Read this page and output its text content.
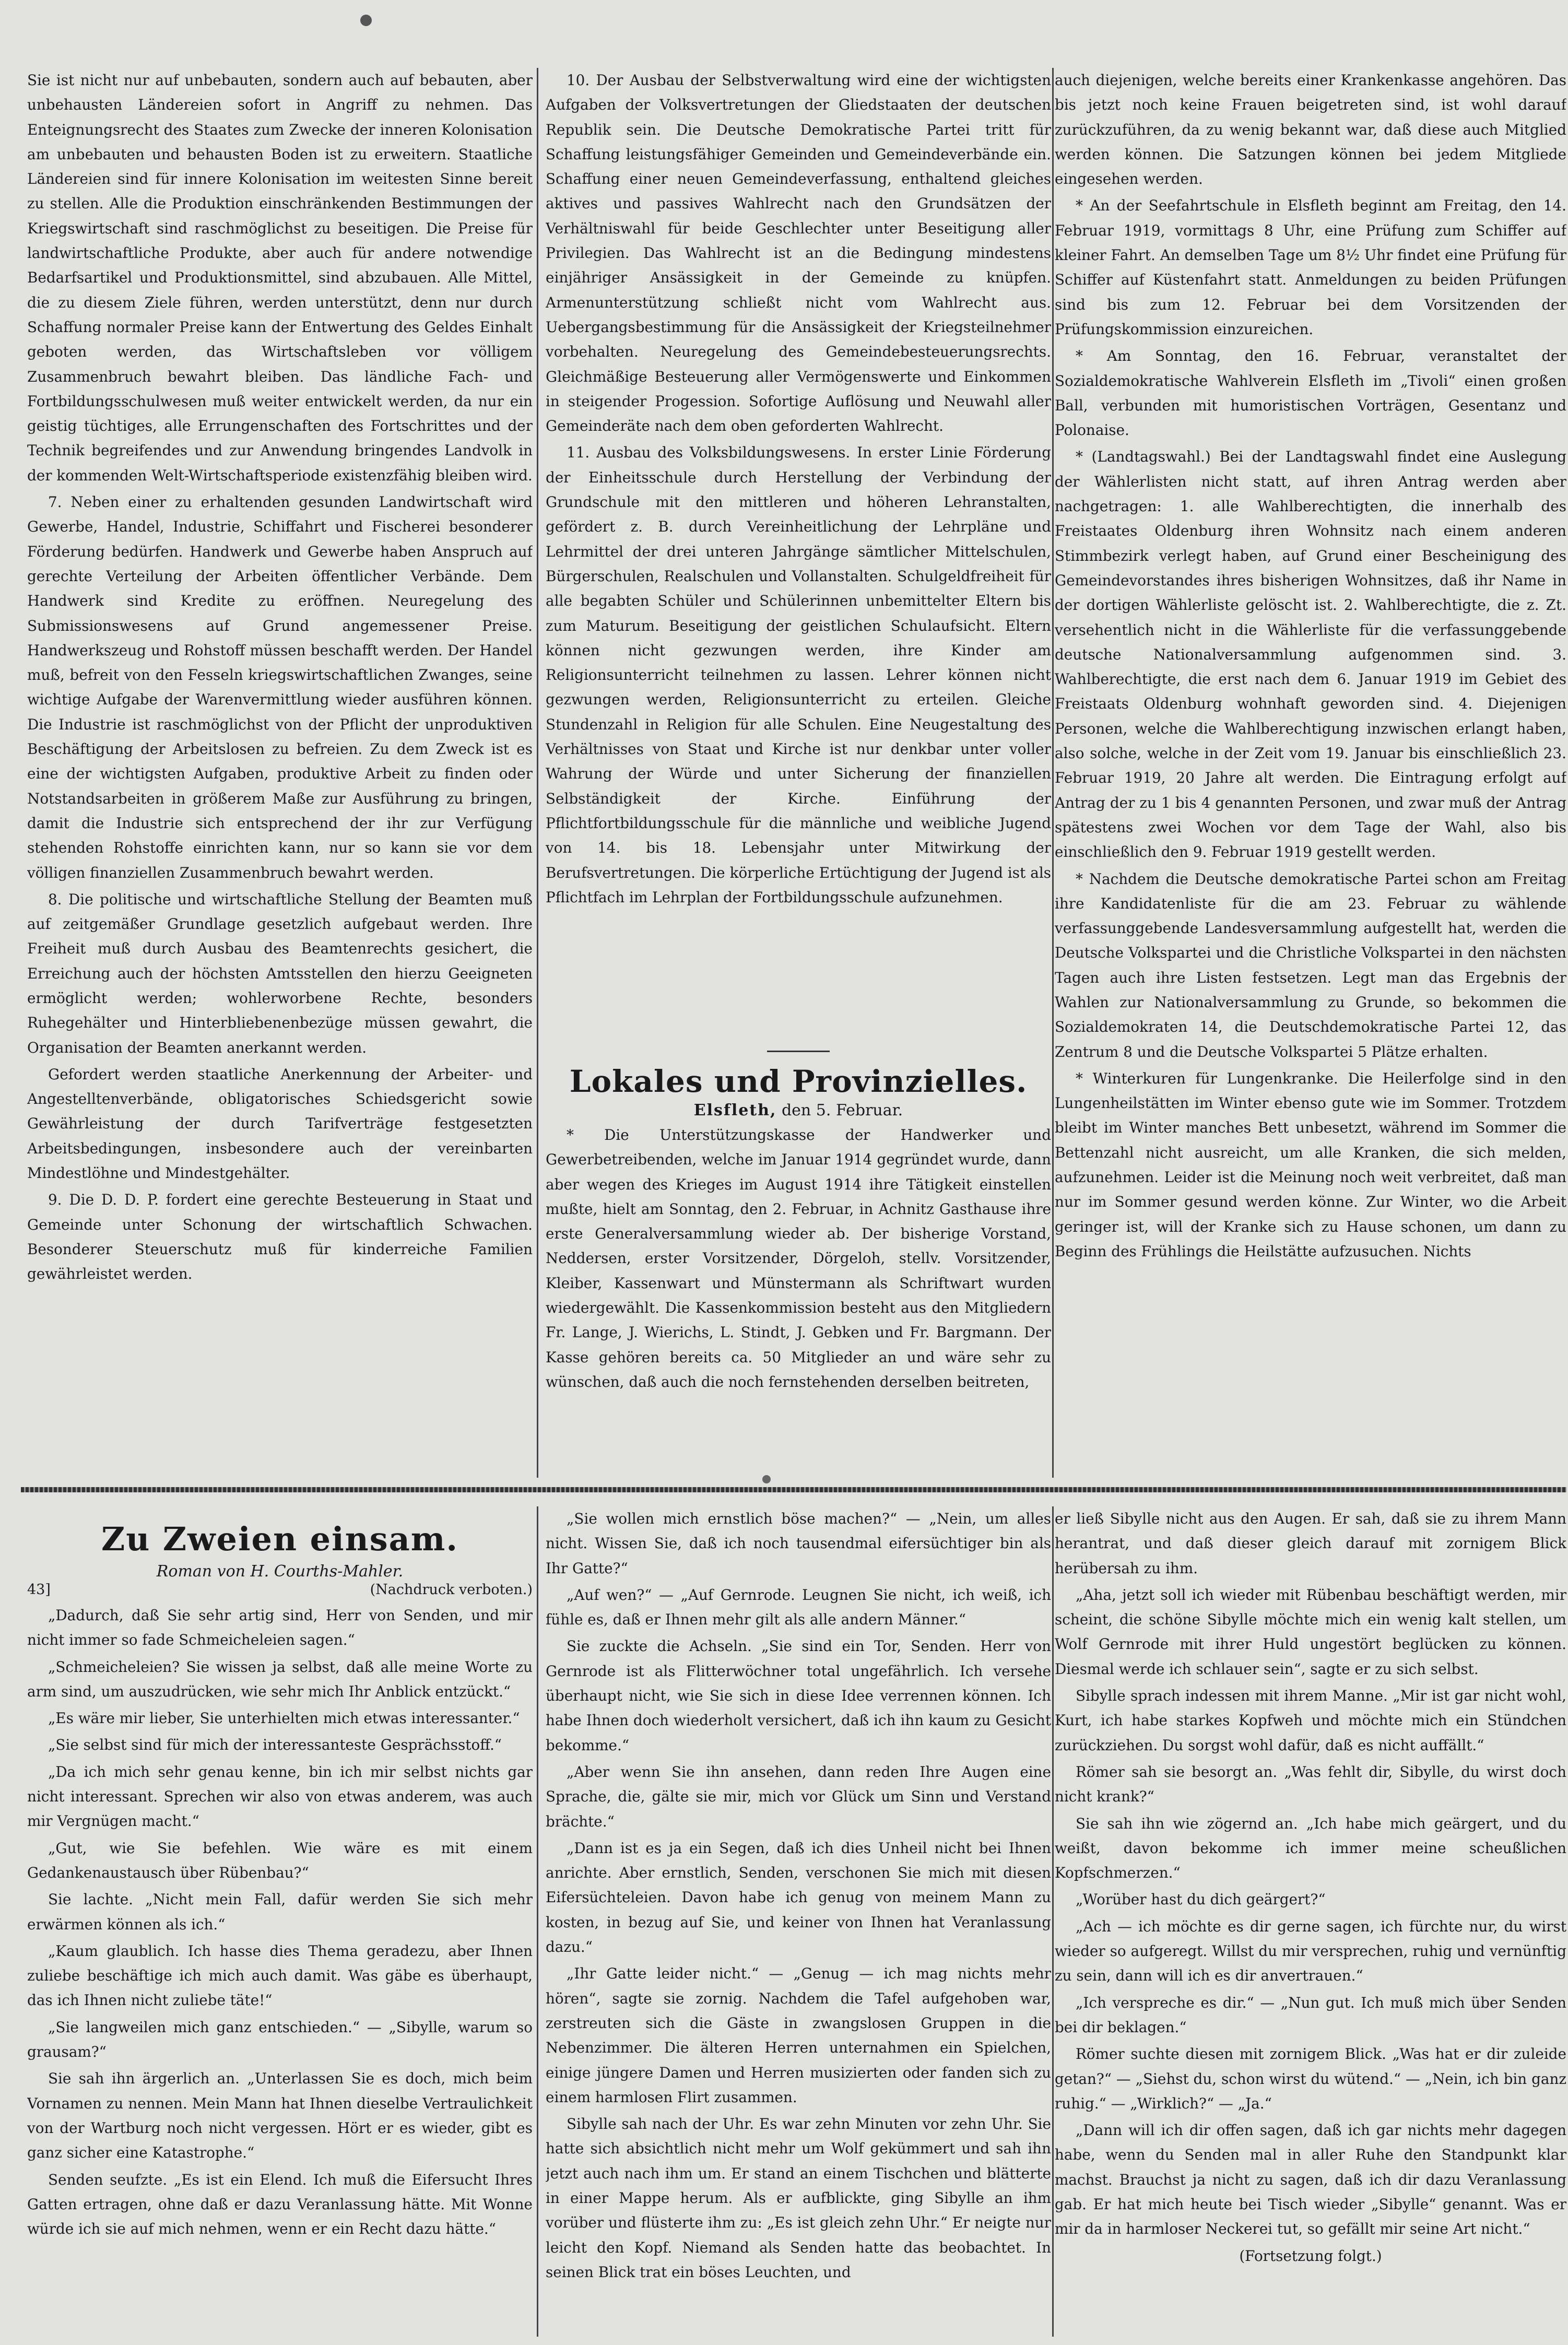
Sie ist nicht nur auf unbebauten, sondern auch auf bebauten, aber unbehausten Ländereien sofort in Angriff zu nehmen. Das Enteignungsrecht des Staates zum Zwecke der inneren Kolonisation am unbebauten und behausten Boden ist zu erweitern. Staatliche Ländereien sind für innere Kolonisation im weitesten Sinne bereit zu stellen. Alle die Produktion einschränkenden Bestimmungen der Kriegswirtschaft sind raschmöglichst zu beseitigen. Die Preise für landwirtschaftliche Produkte, aber auch für andere notwendige Bedarfsartikel und Produktionsmittel, sind abzubauen. Alle Mittel, die zu diesem Ziele führen, werden unterstützt, denn nur durch Schaffung normaler Preise kann der Entwertung des Geldes Einhalt geboten werden, das Wirtschaftsleben vor völligem Zusammenbruch bewahrt bleiben. Das ländliche Fach- und Fortbildungsschulwesen muß weiter entwickelt werden, da nur ein geistig tüchtiges, alle Errungenschaften des Fortschrittes und der Technik begreifendes und zur Anwendung bringendes Landvolk in der kommenden Welt-Wirtschaftsperiode existenzfähig bleiben wird.

7. Neben einer zu erhaltenden gesunden Landwirtschaft wird Gewerbe, Handel, Industrie, Schiffahrt und Fischerei besonderer Förderung bedürfen. Handwerk und Gewerbe haben Anspruch auf gerechte Verteilung der Arbeiten öffentlicher Verbände. Dem Handwerk sind Kredite zu eröffnen. Neuregelung des Submissionswesens auf Grund angemessener Preise. Handwerkszeug und Rohstoff müssen beschafft werden. Der Handel muß, befreit von den Fesseln kriegswirtschaftlichen Zwanges, seine wichtige Aufgabe der Warenvermittlung wieder ausführen können. Die Industrie ist raschmöglichst von der Pflicht der unproduktiven Beschäftigung der Arbeitslosen zu befreien. Zu dem Zweck ist es eine der wichtigsten Aufgaben, produktive Arbeit zu finden oder Notstandsarbeiten in größerem Maße zur Ausführung zu bringen, damit die Industrie sich entsprechend der ihr zur Verfügung stehenden Rohstoffe einrichten kann, nur so kann sie vor dem völligen finanziellen Zusammenbruch bewahrt werden.

8. Die politische und wirtschaftliche Stellung der Beamten muß auf zeitgemäßer Grundlage gesetzlich aufgebaut werden. Ihre Freiheit muß durch Ausbau des Beamtenrechts gesichert, die Erreichung auch der höchsten Amtsstellen den hierzu Geeigneten ermöglicht werden; wohlerworbene Rechte, besonders Ruhegehälter und Hinterbliebenenbezüge müssen gewahrt, die Organisation der Beamten anerkannt werden.

Gefordert werden staatliche Anerkennung der Arbeiter- und Angestelltenverbände, obligatorisches Schiedsgericht sowie Gewährleistung der durch Tarifverträge festgesetzten Arbeitsbedingungen, insbesondere auch der vereinbarten Mindestlöhne und Mindestgehälter.

9. Die D. D. P. fordert eine gerechte Besteuerung in Staat und Gemeinde unter Schonung der wirtschaftlich Schwachen. Besonderer Steuerschutz muß für kinderreiche Familien gewährleistet werden.

10. Der Ausbau der Selbstverwaltung wird eine der wichtigsten Aufgaben der Volksvertretungen der Gliedstaaten der deutschen Republik sein. Die Deutsche Demokratische Partei tritt für Schaffung leistungsfähiger Gemeinden und Gemeindeverbände ein. Schaffung einer neuen Gemeindeverfassung, enthaltend gleiches aktives und passives Wahlrecht nach den Grundsätzen der Verhältniswahl für beide Geschlechter unter Beseitigung aller Privilegien. Das Wahlrecht ist an die Bedingung mindestens einjähriger Ansässigkeit in der Gemeinde zu knüpfen. Armenunterstützung schließt nicht vom Wahlrecht aus. Uebergangsbestimmung für die Ansässigkeit der Kriegsteilnehmer vorbehalten. Neuregelung des Gemeindebesteuerungsrechts. Gleichmäßige Besteuerung aller Vermögenswerte und Einkommen in steigender Progession. Sofortige Auflösung und Neuwahl aller Gemeinderäte nach dem oben geforderten Wahlrecht.

11. Ausbau des Volksbildungswesens. In erster Linie Förderung der Einheitsschule durch Herstellung der Verbindung der Grundschule mit den mittleren und höheren Lehranstalten, gefördert z. B. durch Vereinheitlichung der Lehrpläne und Lehrmittel der drei unteren Jahrgänge sämtlicher Mittelschulen, Bürgerschulen, Realschulen und Vollanstalten. Schulgeldfreiheit für alle begabten Schüler und Schülerinnen unbemittelter Eltern bis zum Maturum. Beseitigung der geistlichen Schulaufsicht. Eltern können nicht gezwungen werden, ihre Kinder am Religionsunterricht teilnehmen zu lassen. Lehrer können nicht gezwungen werden, Religionsunterricht zu erteilen. Gleiche Stundenzahl in Religion für alle Schulen. Eine Neugestaltung des Verhältnisses von Staat und Kirche ist nur denkbar unter voller Wahrung der Würde und unter Sicherung der finanziellen Selbständigkeit der Kirche. Einführung der Pflichtfortbildungsschule für die männliche und weibliche Jugend von 14. bis 18. Lebensjahr unter Mitwirkung der Berufsvertretungen. Die körperliche Ertüchtigung der Jugend ist als Pflichtfach im Lehrplan der Fortbildungsschule aufzunehmen.

Lokales und Provinzielles.
Elsfleth, den 5. Februar.

* Die Unterstützungskasse der Handwerker und Gewerbetreibenden, welche im Januar 1914 gegründet wurde, dann aber wegen des Krieges im August 1914 ihre Tätigkeit einstellen mußte, hielt am Sonntag, den 2. Februar, in Achnitz Gasthause ihre erste Generalversammlung wieder ab. Der bisherige Vorstand, Neddersen, erster Vorsitzender, Dörgeloh, stellv. Vorsitzender, Kleiber, Kassenwart und Münstermann als Schriftwart wurden wiedergewählt. Die Kassenkommission besteht aus den Mitgliedern Fr. Lange, J. Wierichs, L. Stindt, J. Gebken und Fr. Bargmann. Der Kasse gehören bereits ca. 50 Mitglieder an und wäre sehr zu wünschen, daß auch die noch fernstehenden derselben beitreten,

auch diejenigen, welche bereits einer Krankenkasse angehören. Das bis jetzt noch keine Frauen beigetreten sind, ist wohl darauf zurückzuführen, da zu wenig bekannt war, daß diese auch Mitglied werden können. Die Satzungen können bei jedem Mitgliede eingesehen werden.

* An der Seefahrtschule in Elsfleth beginnt am Freitag, den 14. Februar 1919, vormittags 8 Uhr, eine Prüfung zum Schiffer auf kleiner Fahrt. An demselben Tage um 8½ Uhr findet eine Prüfung für Schiffer auf Küstenfahrt statt. Anmeldungen zu beiden Prüfungen sind bis zum 12. Februar bei dem Vorsitzenden der Prüfungskommission einzureichen.

* Am Sonntag, den 16. Februar, veranstaltet der Sozialdemokratische Wahlverein Elsfleth im „Tivoli“ einen großen Ball, verbunden mit humoristischen Vorträgen, Gesentanz und Polonaise.

* (Landtagswahl.) Bei der Landtagswahl findet eine Auslegung der Wählerlisten nicht statt, auf ihren Antrag werden aber nachgetragen: 1. alle Wahlberechtigten, die innerhalb des Freistaates Oldenburg ihren Wohnsitz nach einem anderen Stimmbezirk verlegt haben, auf Grund einer Bescheinigung des Gemeindevorstandes ihres bisherigen Wohnsitzes, daß ihr Name in der dortigen Wählerliste gelöscht ist. 2. Wahlberechtigte, die z. Zt. versehentlich nicht in die Wählerliste für die verfassunggebende deutsche Nationalversammlung aufgenommen sind. 3. Wahlberechtigte, die erst nach dem 6. Januar 1919 im Gebiet des Freistaats Oldenburg wohnhaft geworden sind. 4. Diejenigen Personen, welche die Wahlberechtigung inzwischen erlangt haben, also solche, welche in der Zeit vom 19. Januar bis einschließlich 23. Februar 1919, 20 Jahre alt werden. Die Eintragung erfolgt auf Antrag der zu 1 bis 4 genannten Personen, und zwar muß der Antrag spätestens zwei Wochen vor dem Tage der Wahl, also bis einschließlich den 9. Februar 1919 gestellt werden.

* Nachdem die Deutsche demokratische Partei schon am Freitag ihre Kandidatenliste für die am 23. Februar zu wählende verfassunggebende Landesversammlung aufgestellt hat, werden die Deutsche Volkspartei und die Christliche Volkspartei in den nächsten Tagen auch ihre Listen festsetzen. Legt man das Ergebnis der Wahlen zur Nationalversammlung zu Grunde, so bekommen die Sozialdemokraten 14, die Deutschdemokratische Partei 12, das Zentrum 8 und die Deutsche Volkspartei 5 Plätze erhalten.

* Winterkuren für Lungenkranke. Die Heilerfolge sind in den Lungenheilstätten im Winter ebenso gute wie im Sommer. Trotzdem bleibt im Winter manches Bett unbesetzt, während im Sommer die Bettenzahl nicht ausreicht, um alle Kranken, die sich melden, aufzunehmen. Leider ist die Meinung noch weit verbreitet, daß man nur im Sommer gesund werden könne. Zur Winter, wo die Arbeit geringer ist, will der Kranke sich zu Hause schonen, um dann zu Beginn des Frühlings die Heilstätte aufzusuchen. Nichts

Zu Zweien einsam.
Roman von H. Courths-Mahler.
43]	(Nachdruck verboten.)

„Dadurch, daß Sie sehr artig sind, Herr von Senden, und mir nicht immer so fade Schmeicheleien sagen.“

„Schmeicheleien? Sie wissen ja selbst, daß alle meine Worte zu arm sind, um auszudrücken, wie sehr mich Ihr Anblick entzückt.“

„Es wäre mir lieber, Sie unterhielten mich etwas interessanter.“

„Sie selbst sind für mich der interessanteste Gesprächsstoff.“

„Da ich mich sehr genau kenne, bin ich mir selbst nichts gar nicht interessant. Sprechen wir also von etwas anderem, was auch mir Vergnügen macht.“

„Gut, wie Sie befehlen. Wie wäre es mit einem Gedankenaustausch über Rübenbau?“

Sie lachte. „Nicht mein Fall, dafür werden Sie sich mehr erwärmen können als ich.“

„Kaum glaublich. Ich hasse dies Thema geradezu, aber Ihnen zuliebe beschäftige ich mich auch damit. Was gäbe es überhaupt, das ich Ihnen nicht zuliebe täte!“

„Sie langweilen mich ganz entschieden.“ — „Sibylle, warum so grausam?“

Sie sah ihn ärgerlich an. „Unterlassen Sie es doch, mich beim Vornamen zu nennen. Mein Mann hat Ihnen dieselbe Vertraulichkeit von der Wartburg noch nicht vergessen. Hört er es wieder, gibt es ganz sicher eine Katastrophe.“

Senden seufzte. „Es ist ein Elend. Ich muß die Eifersucht Ihres Gatten ertragen, ohne daß er dazu Veranlassung hätte. Mit Wonne würde ich sie auf mich nehmen, wenn er ein Recht dazu hätte.“

„Sie wollen mich ernstlich böse machen?“ — „Nein, um alles nicht. Wissen Sie, daß ich noch tausendmal eifersüchtiger bin als Ihr Gatte?“

„Auf wen?“ — „Auf Gernrode. Leugnen Sie nicht, ich weiß, ich fühle es, daß er Ihnen mehr gilt als alle andern Männer.“

Sie zuckte die Achseln. „Sie sind ein Tor, Senden. Herr von Gernrode ist als Flitterwöchner total ungefährlich. Ich versehe überhaupt nicht, wie Sie sich in diese Idee verrennen können. Ich habe Ihnen doch wiederholt versichert, daß ich ihn kaum zu Gesicht bekomme.“

„Aber wenn Sie ihn ansehen, dann reden Ihre Augen eine Sprache, die, gälte sie mir, mich vor Glück um Sinn und Verstand brächte.“

„Dann ist es ja ein Segen, daß ich dies Unheil nicht bei Ihnen anrichte. Aber ernstlich, Senden, verschonen Sie mich mit diesen Eifersüchteleien. Davon habe ich genug von meinem Mann zu kosten, in bezug auf Sie, und keiner von Ihnen hat Veranlassung dazu.“

„Ihr Gatte leider nicht.“ — „Genug — ich mag nichts mehr hören“, sagte sie zornig. Nachdem die Tafel aufgehoben war, zerstreuten sich die Gäste in zwangslosen Gruppen in die Nebenzimmer. Die älteren Herren unternahmen ein Spielchen, einige jüngere Damen und Herren musizierten oder fanden sich zu einem harmlosen Flirt zusammen.

Sibylle sah nach der Uhr. Es war zehn Minuten vor zehn Uhr. Sie hatte sich absichtlich nicht mehr um Wolf gekümmert und sah ihn jetzt auch nach ihm um. Er stand an einem Tischchen und blätterte in einer Mappe herum. Als er aufblickte, ging Sibylle an ihm vorüber und flüsterte ihm zu: „Es ist gleich zehn Uhr.“ Er neigte nur leicht den Kopf. Niemand als Senden hatte das beobachtet. In seinen Blick trat ein böses Leuchten, und

er ließ Sibylle nicht aus den Augen. Er sah, daß sie zu ihrem Mann herantrat, und daß dieser gleich darauf mit zornigem Blick herübersah zu ihm.

„Aha, jetzt soll ich wieder mit Rübenbau beschäftigt werden, mir scheint, die schöne Sibylle möchte mich ein wenig kalt stellen, um Wolf Gernrode mit ihrer Huld ungestört beglücken zu können. Diesmal werde ich schlauer sein“, sagte er zu sich selbst.

Sibylle sprach indessen mit ihrem Manne. „Mir ist gar nicht wohl, Kurt, ich habe starkes Kopfweh und möchte mich ein Stündchen zurückziehen. Du sorgst wohl dafür, daß es nicht auffällt.“

Römer sah sie besorgt an. „Was fehlt dir, Sibylle, du wirst doch nicht krank?“

Sie sah ihn wie zögernd an. „Ich habe mich geärgert, und du weißt, davon bekomme ich immer meine scheußlichen Kopfschmerzen.“

„Worüber hast du dich geärgert?“

„Ach — ich möchte es dir gerne sagen, ich fürchte nur, du wirst wieder so aufgeregt. Willst du mir versprechen, ruhig und vernünftig zu sein, dann will ich es dir anvertrauen.“

„Ich verspreche es dir.“ — „Nun gut. Ich muß mich über Senden bei dir beklagen.“

Römer suchte diesen mit zornigem Blick. „Was hat er dir zuleide getan?“ — „Siehst du, schon wirst du wütend.“ — „Nein, ich bin ganz ruhig.“ — „Wirklich?“ — „Ja.“

„Dann will ich dir offen sagen, daß ich gar nichts mehr dagegen habe, wenn du Senden mal in aller Ruhe den Standpunkt klar machst. Brauchst ja nicht zu sagen, daß ich dir dazu Veranlassung gab. Er hat mich heute bei Tisch wieder „Sibylle“ genannt. Was er mir da in harmloser Neckerei tut, so gefällt mir seine Art nicht.“

(Fortsetzung folgt.)
